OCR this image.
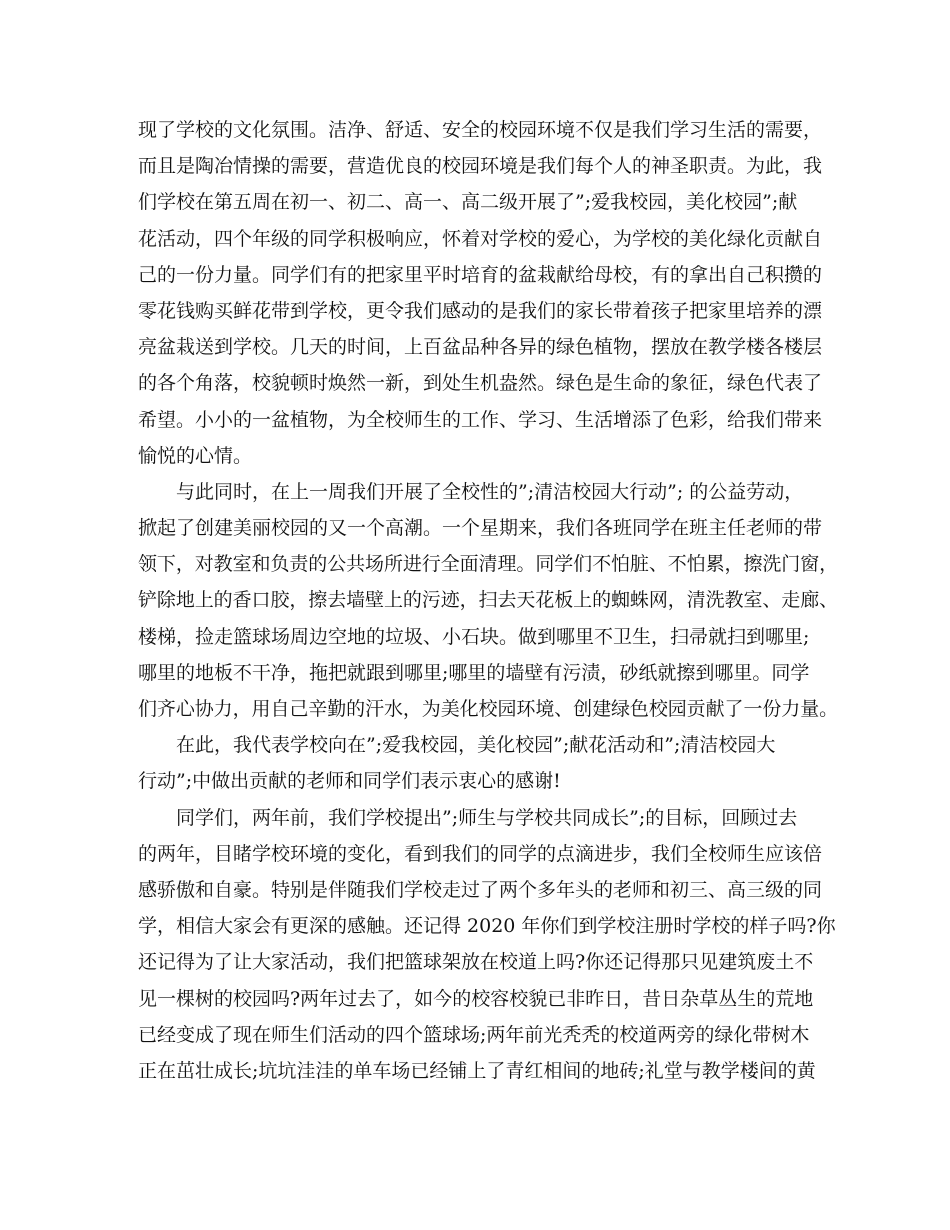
现了学校的文化氛围。洁净、舒适、安全的校园环境不仅是我们学习生活的需要，
而且是陶冶情操的需要，营造优良的校园环境是我们每个人的神圣职责。为此，我
们学校在第五周在初一、初二、高一、高二级开展了”;爱我校园，美化校园”;献
花活动，四个年级的同学积极响应，怀着对学校的爱心，为学校的美化绿化贡献自
己的一份力量。同学们有的把家里平时培育的盆栽献给母校，有的拿出自己积攒的
零花钱购买鲜花带到学校，更令我们感动的是我们的家长带着孩子把家里培养的漂
亮盆栽送到学校。几天的时间，上百盆品种各异的绿色植物，摆放在教学楼各楼层
的各个角落，校貌顿时焕然一新，到处生机盎然。绿色是生命的象征，绿色代表了
希望。小小的一盆植物，为全校师生的工作、学习、生活增添了色彩，给我们带来
愉悦的心情。
与此同时，在上一周我们开展了全校性的”;清洁校园大行动”; 的公益劳动，
掀起了创建美丽校园的又一个高潮。一个星期来，我们各班同学在班主任老师的带
领下，对教室和负责的公共场所进行全面清理。同学们不怕脏、不怕累，擦洗门窗，
铲除地上的香口胶，擦去墙壁上的污迹，扫去天花板上的蜘蛛网，清洗教室、走廊、
楼梯，捡走篮球场周边空地的垃圾、小石块。做到哪里不卫生，扫帚就扫到哪里;
哪里的地板不干净，拖把就跟到哪里;哪里的墙壁有污渍，砂纸就擦到哪里。同学
们齐心协力，用自己辛勤的汗水，为美化校园环境、创建绿色校园贡献了一份力量。
在此，我代表学校向在”;爱我校园，美化校园”;献花活动和”;清洁校园大
行动”;中做出贡献的老师和同学们表示衷心的感谢!
同学们，两年前，我们学校提出”;师生与学校共同成长”;的目标，回顾过去
的两年，目睹学校环境的变化，看到我们的同学的点滴进步，我们全校师生应该倍
感骄傲和自豪。特别是伴随我们学校走过了两个多年头的老师和初三、高三级的同
学，相信大家会有更深的感触。还记得 2020 年你们到学校注册时学校的样子吗?你
还记得为了让大家活动，我们把篮球架放在校道上吗?你还记得那只见建筑废土不
见一棵树的校园吗?两年过去了，如今的校容校貌已非昨日，昔日杂草丛生的荒地
已经变成了现在师生们活动的四个篮球场;两年前光秃秃的校道两旁的绿化带树木
正在茁壮成长;坑坑洼洼的单车场已经铺上了青红相间的地砖;礼堂与教学楼间的黄
